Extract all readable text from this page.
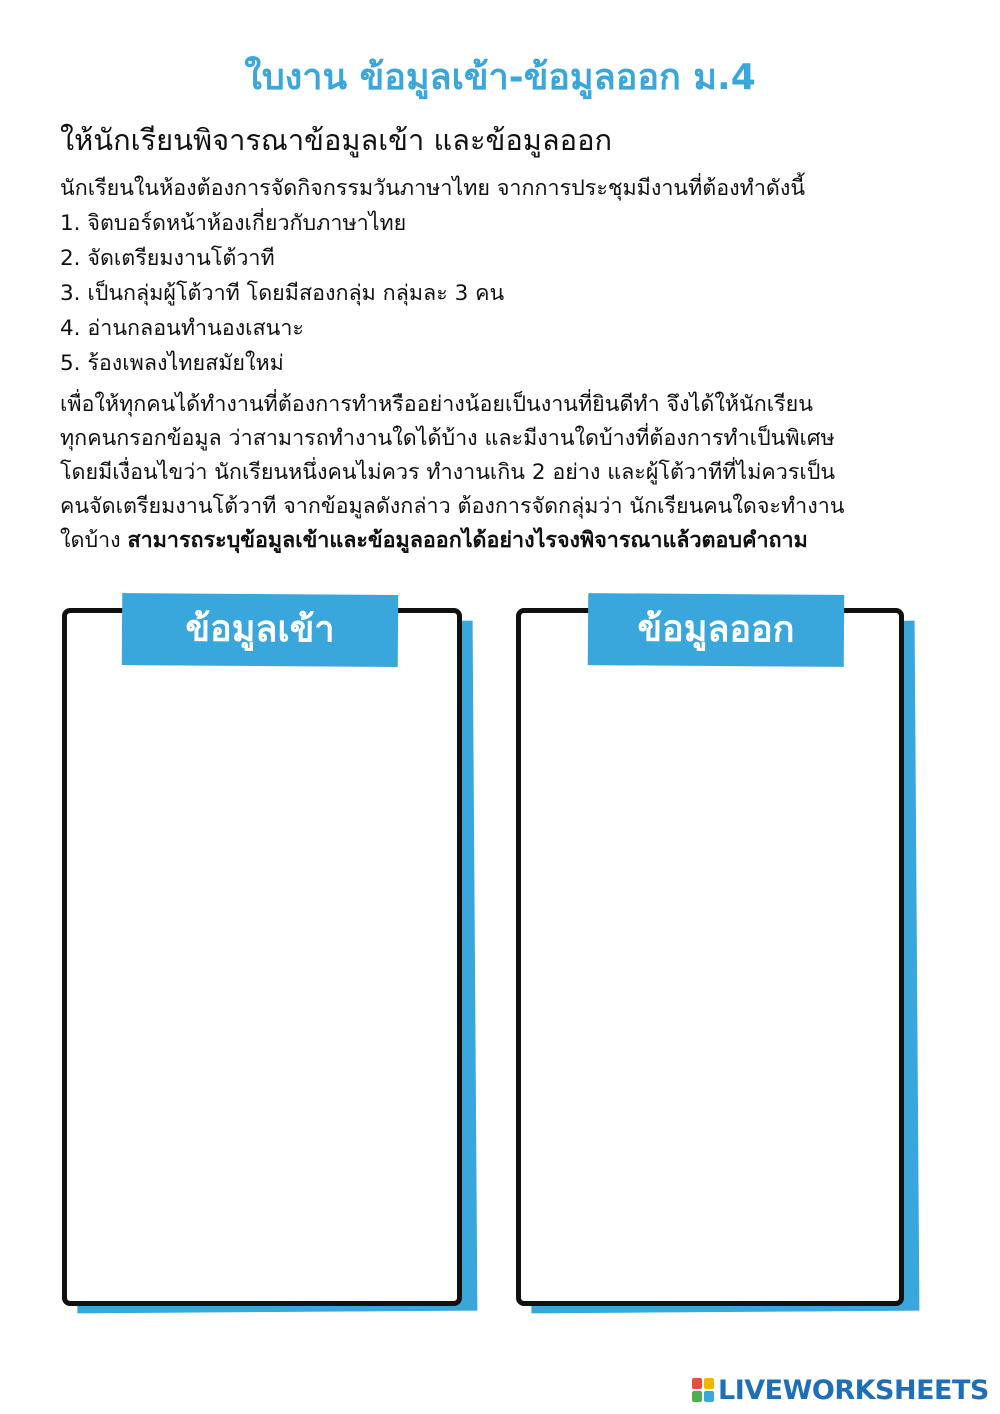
ใบงาน ข้อมูลเข้า-ข้อมูลออก ม.4
ให้นักเรียนพิจารณาข้อมูลเข้า และข้อมูลออก
นักเรียนในห้องต้องการจัดกิจกรรมวันภาษาไทย จากการประชุมมีงานที่ต้องทำดังนี้
1. จิตบอร์ดหน้าห้องเกี่ยวกับภาษาไทย
2. จัดเตรียมงานโต้วาที
3. เป็นกลุ่มผู้โต้วาที โดยมีสองกลุ่ม กลุ่มละ 3 คน
4. อ่านกลอนทำนองเสนาะ
5. ร้องเพลงไทยสมัยใหม่
เพื่อให้ทุกคนได้ทำงานที่ต้องการทำหรืออย่างน้อยเป็นงานที่ยินดีทำ จึงได้ให้นักเรียน
ทุกคนกรอกข้อมูล ว่าสามารถทำงานใดได้บ้าง และมีงานใดบ้างที่ต้องการทำเป็นพิเศษ
โดยมีเงื่อนไขว่า นักเรียนหนึ่งคนไม่ควร ทำงานเกิน 2 อย่าง และผู้โต้วาทีที่ไม่ควรเป็น
คนจัดเตรียมงานโต้วาที จากข้อมูลดังกล่าว ต้องการจัดกลุ่มว่า นักเรียนคนใดจะทำงาน
ใดบ้าง สามารถระบุข้อมูลเข้าและข้อมูลออกได้อย่างไรจงพิจารณาแล้วตอบคำถาม
ข้อมูลเข้า	ข้อมูลออก
LIVEWORKSHEETS
